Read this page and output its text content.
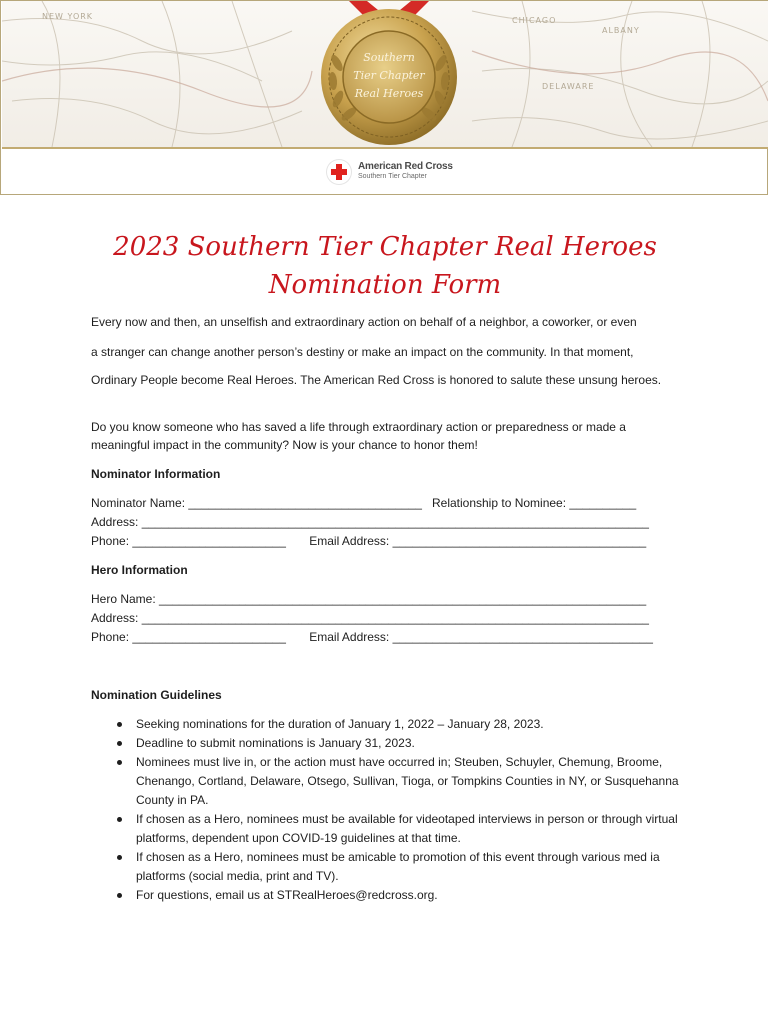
NEW YORK
ALBANY
CHICAGO
DELAWARE
Southern
Tier Chapter
Real Heroes
American Red Cross
Southern Tier Chapter
2023 Southern Tier Chapter Real Heroes
Nomination Form
Every now and then, an unselfish and extraordinary action on behalf of a neighbor, a coworker, or even
a stranger can change another person’s destiny or make an impact on the community. In that moment,
Ordinary People become Real Heroes. The American Red Cross is honored to salute these unsung heroes.
Do you know someone who has saved a life through extraordinary action or preparedness or made a meaningful impact in the community? Now is your chance to honor them!
Nominator Information
Nominator Name: ___________________________________ Relationship to Nominee: __________
Address: ____________________________________________________________________________
Phone: _______________________ Email Address: ______________________________________
Hero Information
Hero Name: _________________________________________________________________________
Address: ____________________________________________________________________________
Phone: _______________________ Email Address: _______________________________________
Nomination Guidelines
Seeking nominations for the duration of January 1, 2022 – January 28, 2023.
Deadline to submit nominations is January 31, 2023.
Nominees must live in, or the action must have occurred in; Steuben, Schuyler, Chemung, Broome, Chenango, Cortland, Delaware, Otsego, Sullivan, Tioga, or Tompkins Counties in NY, or Susquehanna County in PA.
If chosen as a Hero, nominees must be available for videotaped interviews in person or through virtual platforms, dependent upon COVID-19 guidelines at that time.
If chosen as a Hero, nominees must be amicable to promotion of this event through various med ia platforms (social media, print and TV).
For questions, email us at STRealHeroes@redcross.org.
